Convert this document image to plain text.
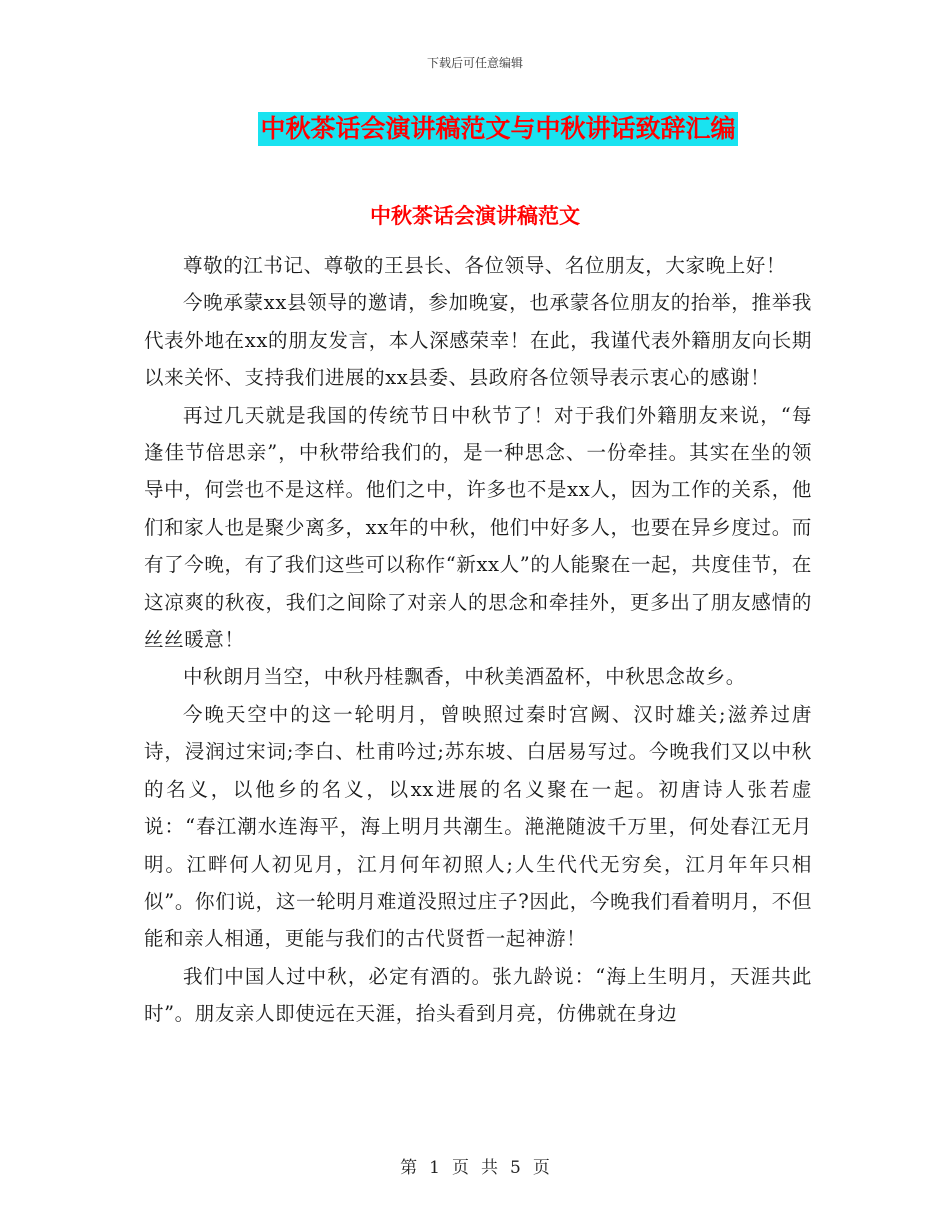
下载后可任意编辑
中秋茶话会演讲稿范文与中秋讲话致辞汇编
中秋茶话会演讲稿范文

尊敬的江书记、尊敬的王县长、各位领导、名位朋友，大家晚上好！

今晚承蒙xx县领导的邀请，参加晚宴，也承蒙各位朋友的抬举，推举我代表外地在xx的朋友发言，本人深感荣幸！在此，我谨代表外籍朋友向长期以来关怀、支持我们进展的xx县委、县政府各位领导表示衷心的感谢！

再过几天就是我国的传统节日中秋节了！对于我们外籍朋友来说，“每逢佳节倍思亲”，中秋带给我们的，是一种思念、一份牵挂。其实在坐的领导中，何尝也不是这样。他们之中，许多也不是xx人，因为工作的关系，他们和家人也是聚少离多，xx年的中秋，他们中好多人，也要在异乡度过。而有了今晚，有了我们这些可以称作“新xx人”的人能聚在一起，共度佳节，在这凉爽的秋夜，我们之间除了对亲人的思念和牵挂外，更多出了朋友感情的丝丝暖意！

中秋朗月当空，中秋丹桂飘香，中秋美酒盈杯，中秋思念故乡。

今晚天空中的这一轮明月，曾映照过秦时宫阙、汉时雄关;滋养过唐诗，浸润过宋词;李白、杜甫吟过;苏东坡、白居易写过。今晚我们又以中秋的名义，以他乡的名义，以xx进展的名义聚在一起。初唐诗人张若虚说：“春江潮水连海平，海上明月共潮生。滟滟随波千万里，何处春江无月明。江畔何人初见月，江月何年初照人;人生代代无穷矣，江月年年只相似”。你们说，这一轮明月难道没照过庄子?因此，今晚我们看着明月，不但能和亲人相通，更能与我们的古代贤哲一起神游！

我们中国人过中秋，必定有酒的。张九龄说：“海上生明月，天涯共此时”。朋友亲人即使远在天涯，抬头看到月亮，仿佛就在身边

第 1 页 共 5 页
